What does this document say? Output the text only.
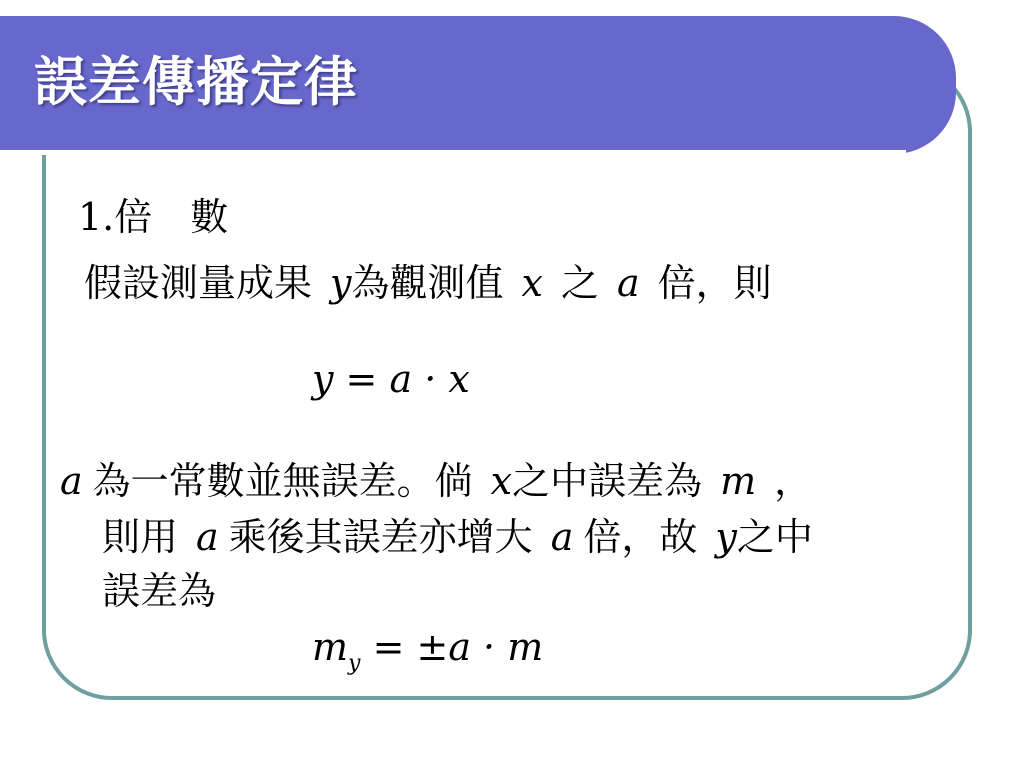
誤差傳播定律
1.倍　數
假設測量成果 y為觀測值 x 之 a 倍，則
y = a · x
a 為一常數並無誤差。倘 x之中誤差為 m ，
則用 a 乘後其誤差亦增大 a 倍，故 y之中
誤差為
$m_y = \pm a \cdot m$
